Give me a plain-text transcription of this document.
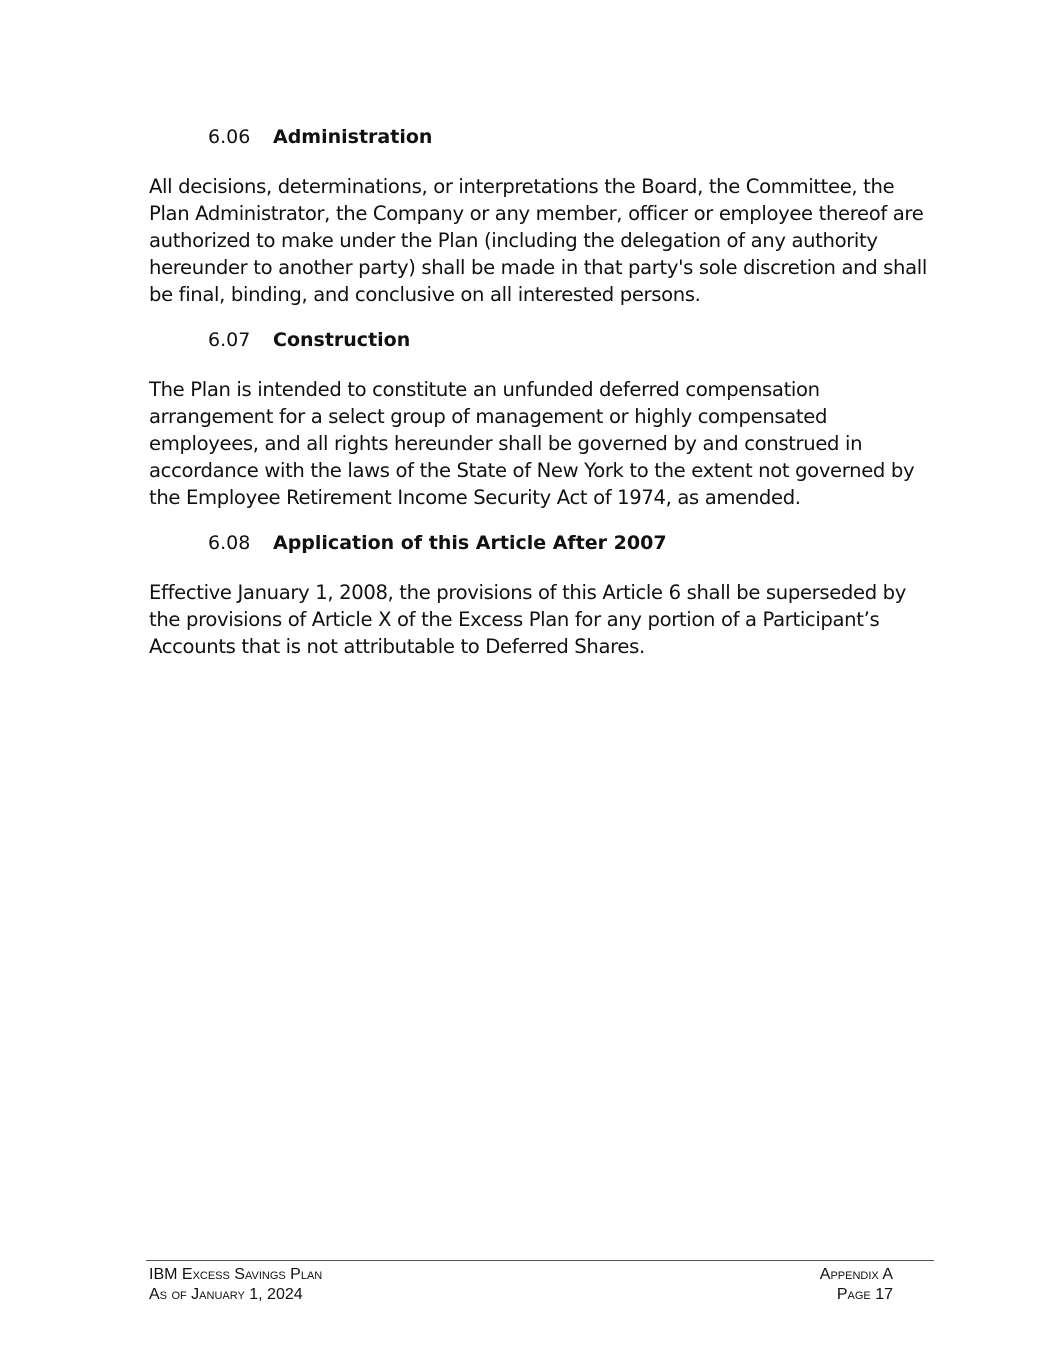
6.06 Administration

All decisions, determinations, or interpretations the Board, the Committee, the Plan Administrator, the Company or any member, officer or employee thereof are authorized to make under the Plan (including the delegation of any authority hereunder to another party) shall be made in that party's sole discretion and shall be final, binding, and conclusive on all interested persons.

6.07 Construction

The Plan is intended to constitute an unfunded deferred compensation arrangement for a select group of management or highly compensated employees, and all rights hereunder shall be governed by and construed in accordance with the laws of the State of New York to the extent not governed by the Employee Retirement Income Security Act of 1974, as amended.

6.08 Application of this Article After 2007

Effective January 1, 2008, the provisions of this Article 6 shall be superseded by the provisions of Article X of the Excess Plan for any portion of a Participant’s Accounts that is not attributable to Deferred Shares.

IBM Excess Savings Plan
As of January 1, 2024
Appendix A
Page 17
